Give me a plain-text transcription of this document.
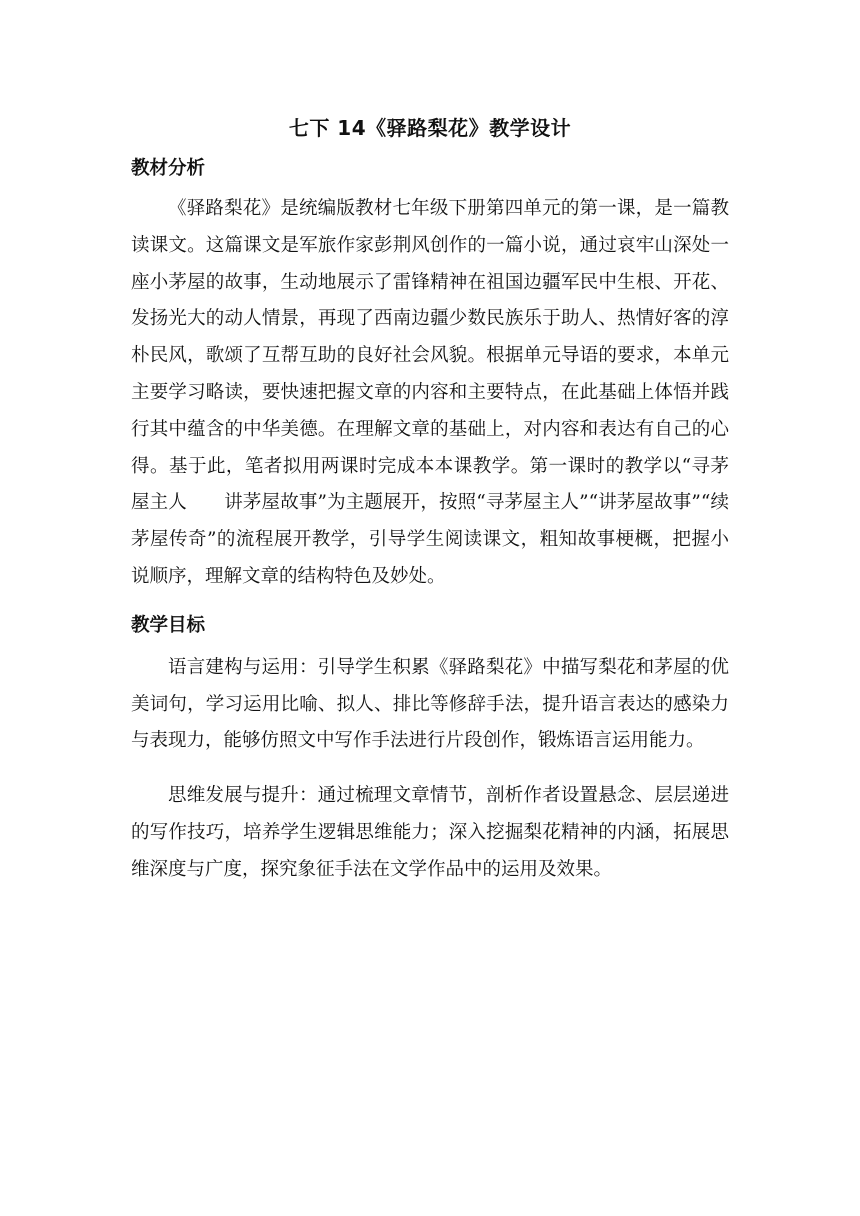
七下 14《驿路梨花》教学设计
教材分析

《驿路梨花》是统编版教材七年级下册第四单元的第一课，是一篇教读课文。这篇课文是军旅作家彭荆风创作的一篇小说，通过哀牢山深处一座小茅屋的故事，生动地展示了雷锋精神在祖国边疆军民中生根、开花、发扬光大的动人情景，再现了西南边疆少数民族乐于助人、热情好客的淳朴民风，歌颂了互帮互助的良好社会风貌。根据单元导语的要求，本单元主要学习略读，要快速把握文章的内容和主要特点，在此基础上体悟并践行其中蕴含的中华美德。在理解文章的基础上，对内容和表达有自己的心得。基于此，笔者拟用两课时完成本本课教学。第一课时的教学以“寻茅屋主人　　讲茅屋故事”为主题展开，按照“寻茅屋主人”“讲茅屋故事”“续茅屋传奇”的流程展开教学，引导学生阅读课文，粗知故事梗概，把握小说顺序，理解文章的结构特色及妙处。

教学目标

语言建构与运用：引导学生积累《驿路梨花》中描写梨花和茅屋的优美词句，学习运用比喻、拟人、排比等修辞手法，提升语言表达的感染力与表现力，能够仿照文中写作手法进行片段创作，锻炼语言运用能力。

思维发展与提升：通过梳理文章情节，剖析作者设置悬念、层层递进的写作技巧，培养学生逻辑思维能力；深入挖掘梨花精神的内涵，拓展思维深度与广度，探究象征手法在文学作品中的运用及效果。
